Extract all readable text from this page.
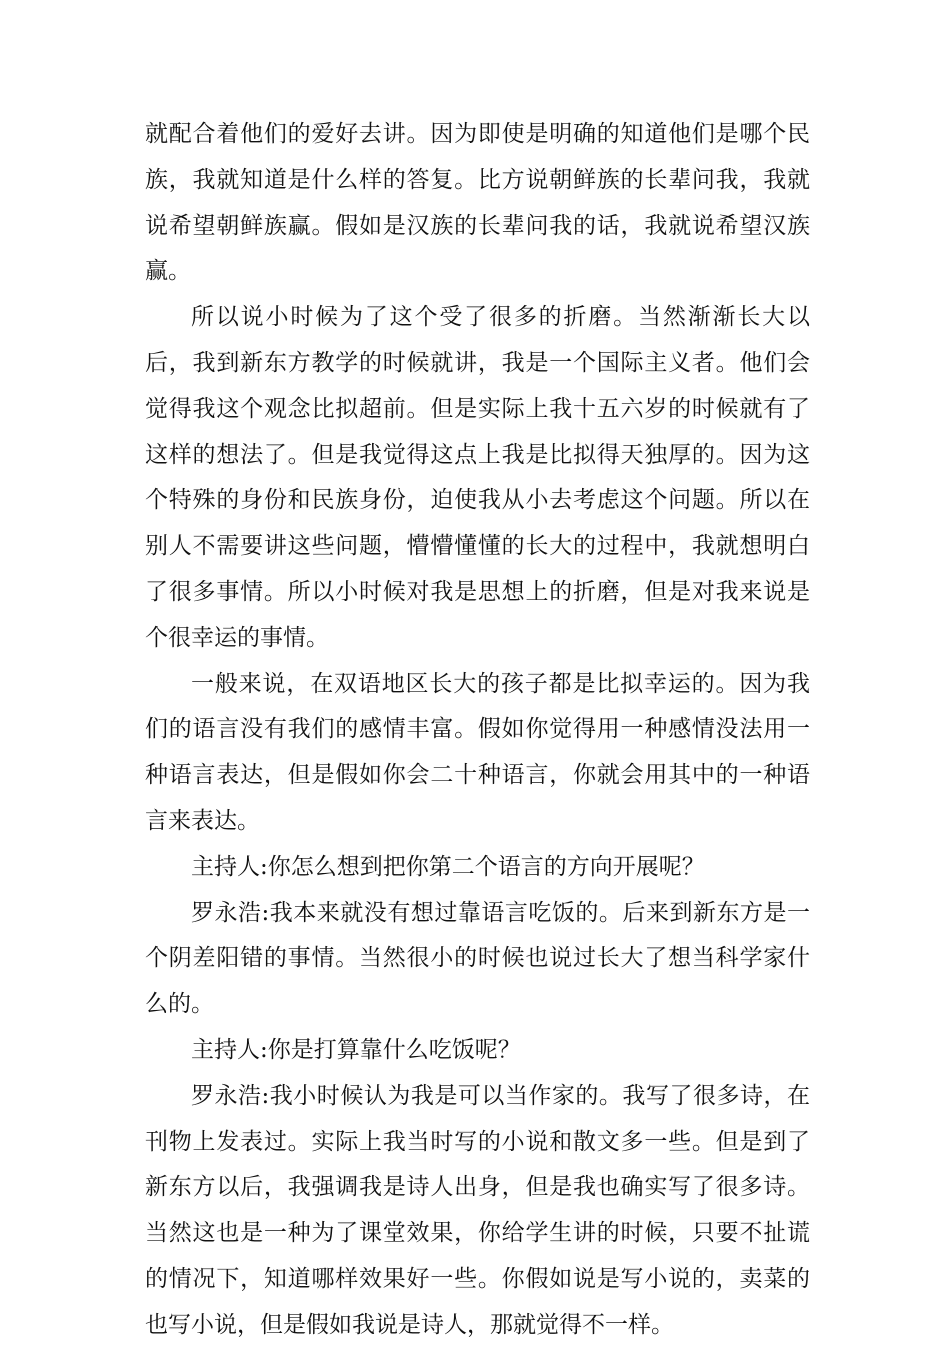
就配合着他们的爱好去讲。因为即使是明确的知道他们是哪个民族，我就知道是什么样的答复。比方说朝鲜族的长辈问我，我就说希望朝鲜族赢。假如是汉族的长辈问我的话，我就说希望汉族赢。

所以说小时候为了这个受了很多的折磨。当然渐渐长大以后，我到新东方教学的时候就讲，我是一个国际主义者。他们会觉得我这个观念比拟超前。但是实际上我十五六岁的时候就有了这样的想法了。但是我觉得这点上我是比拟得天独厚的。因为这个特殊的身份和民族身份，迫使我从小去考虑这个问题。所以在别人不需要讲这些问题，懵懵懂懂的长大的过程中，我就想明白了很多事情。所以小时候对我是思想上的折磨，但是对我来说是个很幸运的事情。

一般来说，在双语地区长大的孩子都是比拟幸运的。因为我们的语言没有我们的感情丰富。假如你觉得用一种感情没法用一种语言表达，但是假如你会二十种语言，你就会用其中的一种语言来表达。

主持人:你怎么想到把你第二个语言的方向开展呢？

罗永浩:我本来就没有想过靠语言吃饭的。后来到新东方是一个阴差阳错的事情。当然很小的时候也说过长大了想当科学家什么的。

主持人:你是打算靠什么吃饭呢？

罗永浩:我小时候认为我是可以当作家的。我写了很多诗，在刊物上发表过。实际上我当时写的小说和散文多一些。但是到了新东方以后，我强调我是诗人出身，但是我也确实写了很多诗。当然这也是一种为了课堂效果，你给学生讲的时候，只要不扯谎的情况下，知道哪样效果好一些。你假如说是写小说的，卖菜的也写小说，但是假如我说是诗人，那就觉得不一样。
